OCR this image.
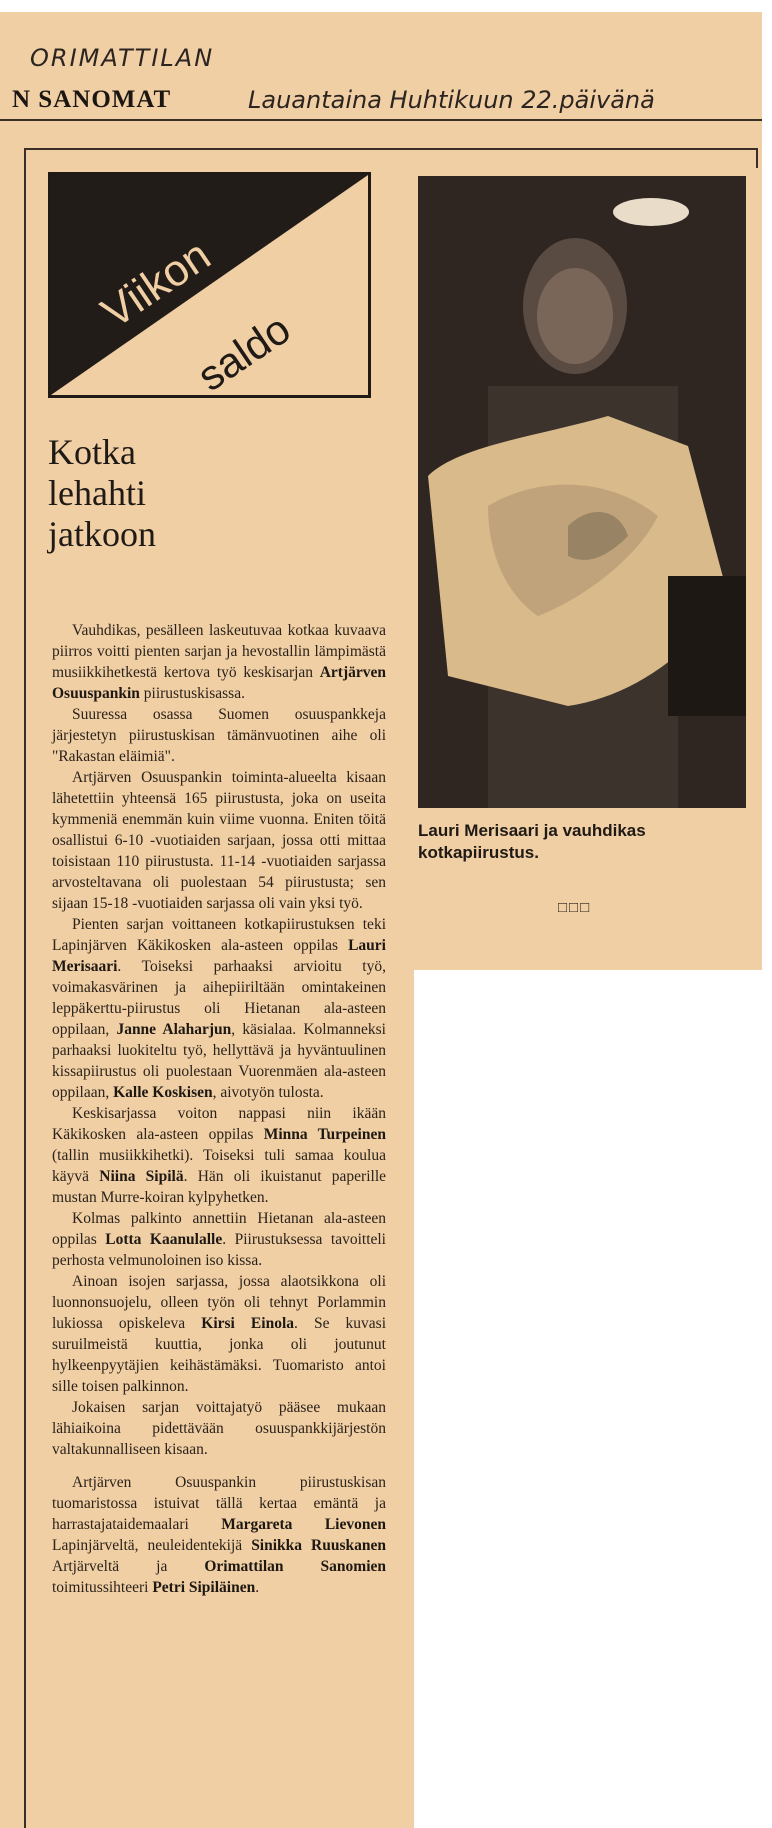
ORIMATTILAN
Lauantaina Huhtikuun 22.päivänä
N SANOMAT
Viikon
saldo
Kotka
lehahti
jatkoon

Vauhdikas, pesälleen laskeutuvaa kotkaa kuvaava piirros voitti pienten sarjan ja hevostallin lämpimästä musiikkihetkestä kertova työ keskisarjan Artjärven Osuuspankin piirustuskisassa.

Suuressa osassa Suomen osuuspankkeja järjestetyn piirustuskisan tämänvuotinen aihe oli "Rakastan eläimiä".

Artjärven Osuuspankin toiminta-alueelta kisaan lähetettiin yhteensä 165 piirustusta, joka on useita kymmeniä enemmän kuin viime vuonna. Eniten töitä osallistui 6-10 -vuotiaiden sarjaan, jossa otti mittaa toisistaan 110 piirustusta. 11-14 -vuotiaiden sarjassa arvosteltavana oli puolestaan 54 piirustusta; sen sijaan 15-18 -vuotiaiden sarjassa oli vain yksi työ.

Pienten sarjan voittaneen kotkapiirustuksen teki Lapinjärven Käkikosken ala-asteen oppilas Lauri Merisaari. Toiseksi parhaaksi arvioitu työ, voimakasvärinen ja aihepiiriltään omintakeinen leppäkerttu-piirustus oli Hietanan ala-asteen oppilaan, Janne Alaharjun, käsialaa. Kolmanneksi parhaaksi luokiteltu työ, hellyttävä ja hyväntuulinen kissapiirustus oli puolestaan Vuorenmäen ala-asteen oppilaan, Kalle Koskisen, aivotyön tulosta.

Keskisarjassa voiton nappasi niin ikään Käkikosken ala-asteen oppilas Minna Turpeinen (tallin musiikkihetki). Toiseksi tuli samaa koulua käyvä Niina Sipilä. Hän oli ikuistanut paperille mustan Murre-koiran kylpyhetken.

Kolmas palkinto annettiin Hietanan ala-asteen oppilas Lotta Kaanulalle. Piirustuksessa tavoitteli perhosta velmunoloinen iso kissa.

Ainoan isojen sarjassa, jossa alaotsikkona oli luonnonsuojelu, olleen työn oli tehnyt Porlammin lukiossa opiskeleva Kirsi Einola. Se kuvasi suruilmeistä kuuttia, jonka oli joutunut hylkeenpyytäjien keihästämäksi. Tuomaristo antoi sille toisen palkinnon.

Jokaisen sarjan voittajatyö pääsee mukaan lähiaikoina pidettävään osuuspankkijärjestön valtakunnalliseen kisaan.

Artjärven Osuuspankin piirustuskisan tuomaristossa istuivat tällä kertaa emäntä ja harrastajataidemaalari Margareta Lievonen Lapinjärveltä, neuleidentekijä Sinikka Ruuskanen Artjärveltä ja Orimattilan Sanomien toimitussihteeri Petri Sipiläinen.

Lauri Merisaari ja vauhdikas kotkapiirustus.
□□□
